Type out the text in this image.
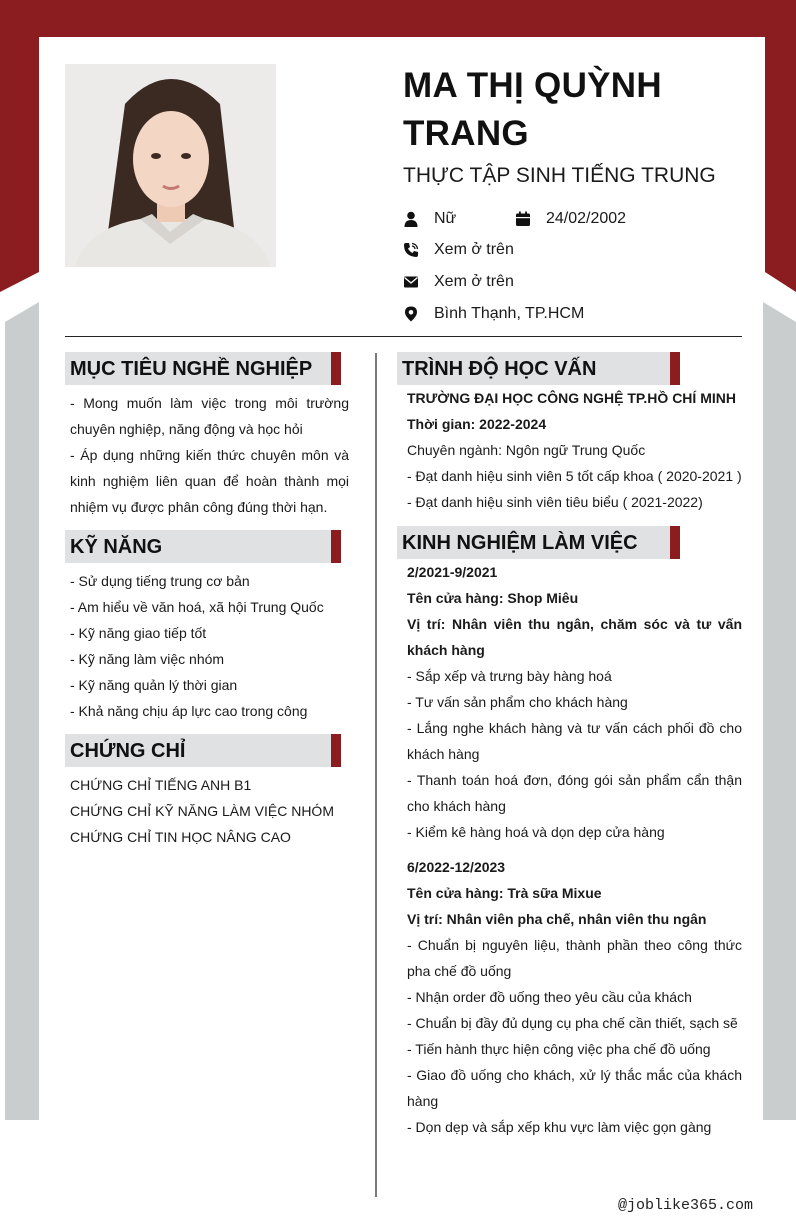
MA THỊ QUỲNH
TRANG
THỰC TẬP SINH TIẾNG TRUNG
Nữ	24/02/2002
Xem ở trên
Xem ở trên
Bình Thạnh, TP.HCM
MỤC TIÊU NGHỀ NGHIỆP
- Mong muốn làm việc trong môi trường chuyên nghiệp, năng động và học hỏi
- Áp dụng những kiến thức chuyên môn và kinh nghiệm liên quan để hoàn thành mọi nhiệm vụ được phân công đúng thời hạn.
KỸ NĂNG
- Sử dụng tiếng trung cơ bản
- Am hiểu về văn hoá, xã hội Trung Quốc
- Kỹ năng giao tiếp tốt
- Kỹ năng làm việc nhóm
- Kỹ năng quản lý thời gian
- Khả năng chịu áp lực cao trong công
CHỨNG CHỈ
CHỨNG CHỈ TIẾNG ANH B1
CHỨNG CHỈ KỸ NĂNG LÀM VIỆC NHÓM
CHỨNG CHỈ TIN HỌC NÂNG CAO
TRÌNH ĐỘ HỌC VẤN
TRƯỜNG ĐẠI HỌC CÔNG NGHỆ TP.HỒ CHÍ MINH
Thời gian: 2022-2024
Chuyên ngành: Ngôn ngữ Trung Quốc
- Đạt danh hiệu sinh viên 5 tốt cấp khoa ( 2020-2021 )
- Đạt danh hiệu sinh viên tiêu biểu ( 2021-2022)
KINH NGHIỆM LÀM VIỆC
2/2021-9/2021
Tên cửa hàng: Shop Miêu
Vị trí: Nhân viên thu ngân, chăm sóc và tư vấn khách hàng
- Sắp xếp và trưng bày hàng hoá
- Tư vấn sản phẩm cho khách hàng
- Lắng nghe khách hàng và tư vấn cách phối đồ cho khách hàng
- Thanh toán hoá đơn, đóng gói sản phẩm cẩn thận cho khách hàng
- Kiểm kê hàng hoá và dọn dẹp cửa hàng
6/2022-12/2023
Tên cửa hàng: Trà sữa Mixue
Vị trí: Nhân viên pha chế, nhân viên thu ngân
- Chuẩn bị nguyên liệu, thành phần theo công thức pha chế đồ uống
- Nhận order đồ uống theo yêu cầu của khách
- Chuẩn bị đầy đủ dụng cụ pha chế cần thiết, sạch sẽ
- Tiến hành thực hiện công việc pha chế đồ uống
- Giao đồ uống cho khách, xử lý thắc mắc của khách hàng
- Dọn dẹp và sắp xếp khu vực làm việc gọn gàng
@joblike365.com
